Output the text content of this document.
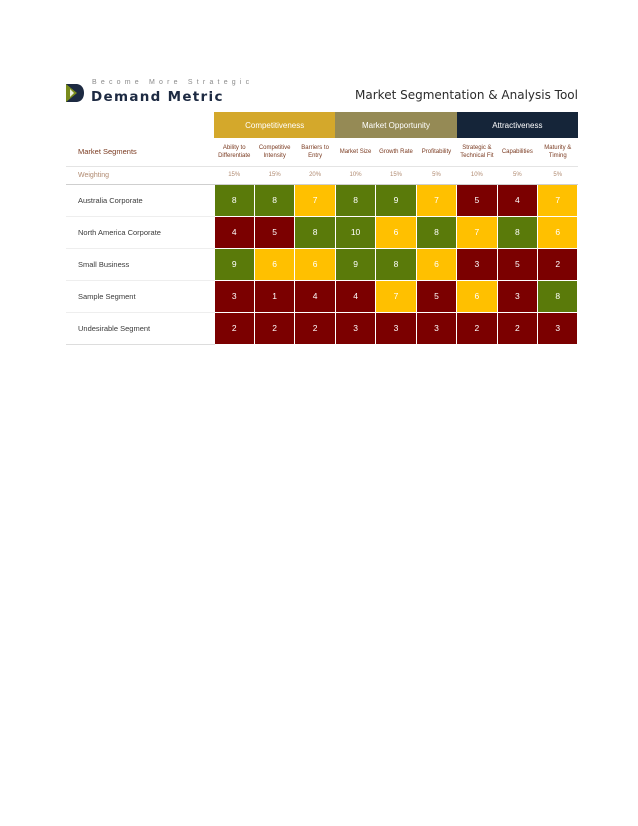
Become More Strategic
Demand Metric	Market Segmentation & Analysis Tool
	Competitiveness			Market Opportunity			Attractiveness		
Market Segments	Ability to Differentiate	Competitive Intensity	Barriers to Entry	Market Size	Growth Rate	Profitability	Strategic & Technical Fit	Capabilities	Maturity & Timing
Weighting	15%	15%	20%	10%	15%	5%	10%	5%	5%
Australia Corporate	8	8	7	8	9	7	5	4	7
North America Corporate	4	5	8	10	6	8	7	8	6
Small Business	9	6	6	9	8	6	3	5	2
Sample Segment	3	1	4	4	7	5	6	3	8
Undesirable Segment	2	2	2	3	3	3	2	2	3
